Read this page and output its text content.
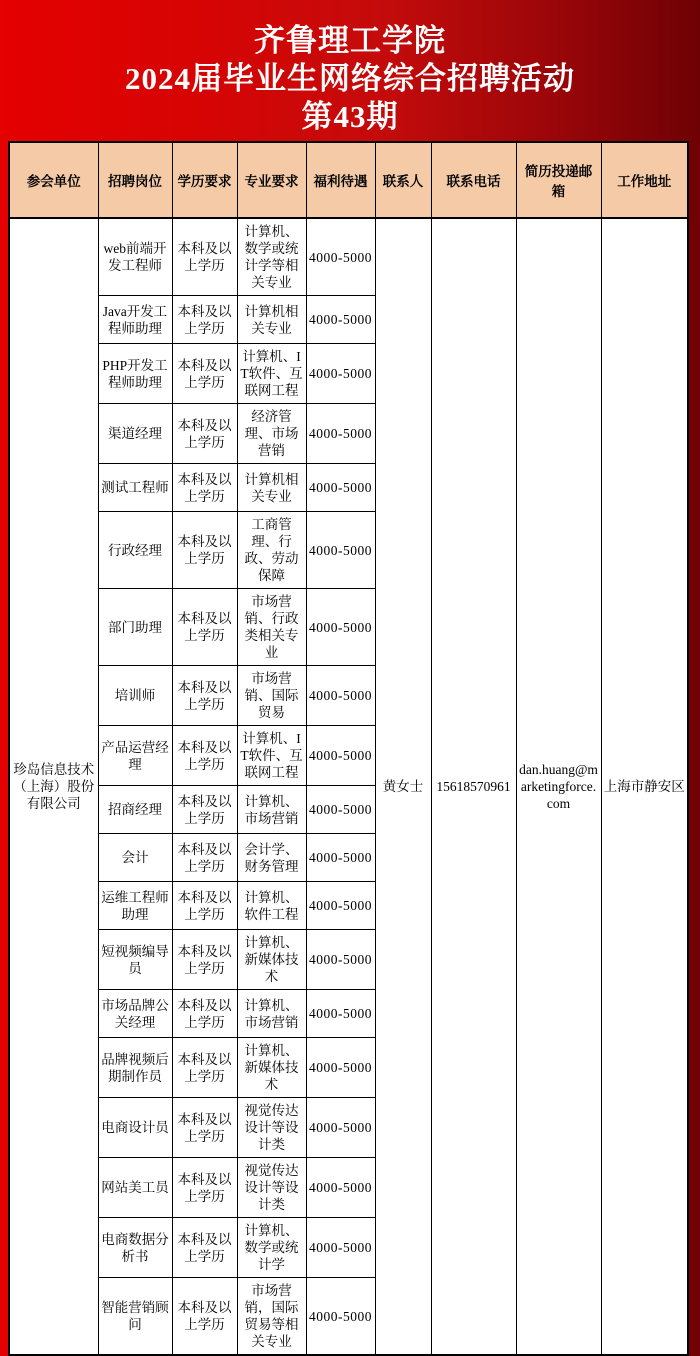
齐鲁理工学院
2024届毕业生网络综合招聘活动
第43期
参会单位	招聘岗位	学历要求	专业要求	福利待遇	联系人	联系电话	简历投递邮箱	工作地址
珍岛信息技术（上海）股份有限公司	web前端开发工程师	本科及以上学历	计算机、数学或统计学等相关专业	4000-5000	黄女士	15618570961	dan.huang@marketingforce.com	上海市静安区
	Java开发工程师助理	本科及以上学历	计算机相关专业	4000-5000				
	PHP开发工程师助理	本科及以上学历	计算机、IT软件、互联网工程	4000-5000				
	渠道经理	本科及以上学历	经济管理、市场营销	4000-5000				
	测试工程师	本科及以上学历	计算机相关专业	4000-5000				
	行政经理	本科及以上学历	工商管理、行政、劳动保障	4000-5000				
	部门助理	本科及以上学历	市场营销、行政类相关专业	4000-5000				
	培训师	本科及以上学历	市场营销、国际贸易	4000-5000				
	产品运营经理	本科及以上学历	计算机、IT软件、互联网工程	4000-5000				
	招商经理	本科及以上学历	计算机、市场营销	4000-5000				
	会计	本科及以上学历	会计学、财务管理	4000-5000				
	运维工程师助理	本科及以上学历	计算机、软件工程	4000-5000				
	短视频编导员	本科及以上学历	计算机、新媒体技术	4000-5000				
	市场品牌公关经理	本科及以上学历	计算机、市场营销	4000-5000				
	品牌视频后期制作员	本科及以上学历	计算机、新媒体技术	4000-5000				
	电商设计员	本科及以上学历	视觉传达设计等设计类	4000-5000				
	网站美工员	本科及以上学历	视觉传达设计等设计类	4000-5000				
	电商数据分析书	本科及以上学历	计算机、数学或统计学	4000-5000				
	智能营销顾问	本科及以上学历	市场营销，国际贸易等相关专业	4000-5000				
